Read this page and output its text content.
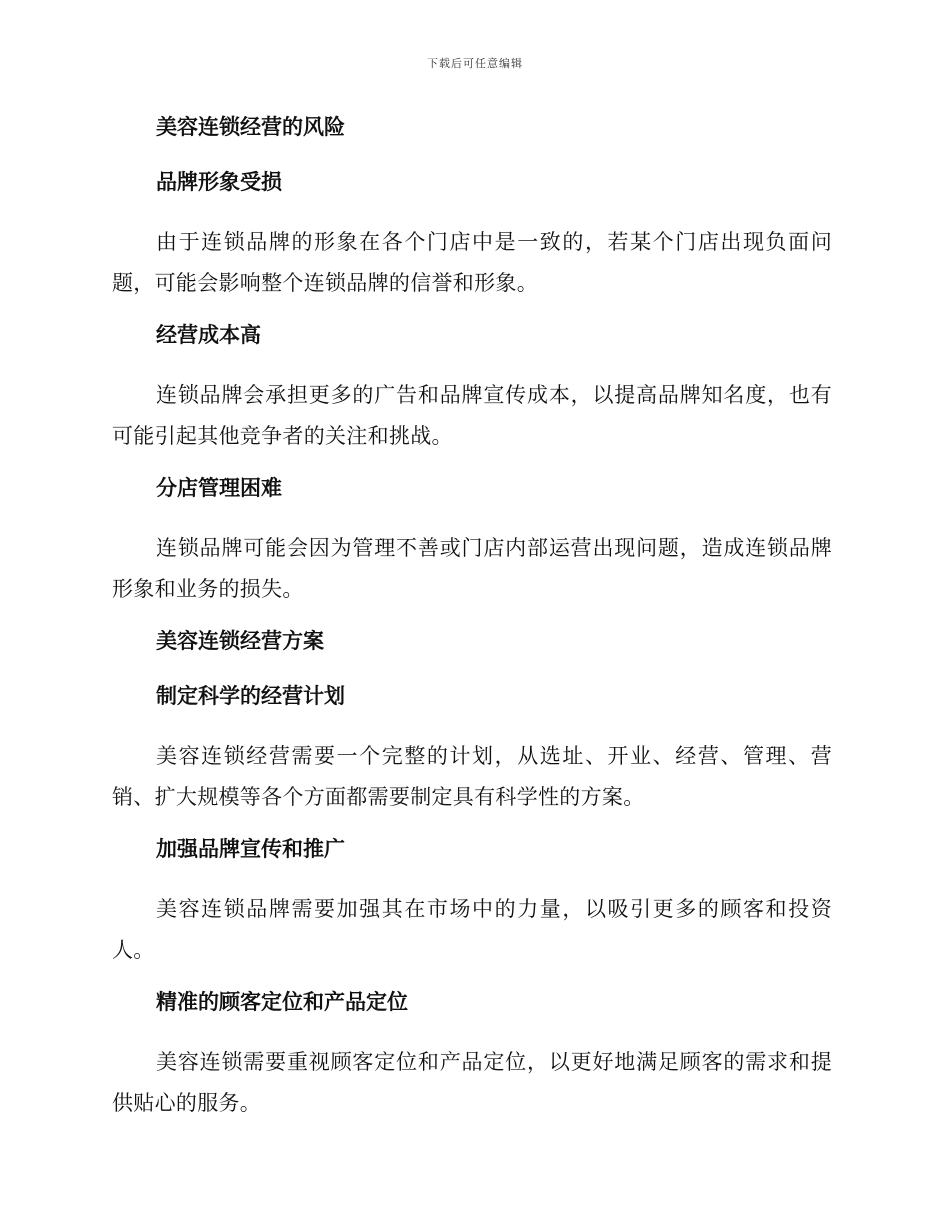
下载后可任意编辑
美容连锁经营的风险
品牌形象受损
由于连锁品牌的形象在各个门店中是一致的，若某个门店出现负面问题，可能会影响整个连锁品牌的信誉和形象。
经营成本高
连锁品牌会承担更多的广告和品牌宣传成本，以提高品牌知名度，也有可能引起其他竞争者的关注和挑战。
分店管理困难
连锁品牌可能会因为管理不善或门店内部运营出现问题，造成连锁品牌形象和业务的损失。
美容连锁经营方案
制定科学的经营计划
美容连锁经营需要一个完整的计划，从选址、开业、经营、管理、营销、扩大规模等各个方面都需要制定具有科学性的方案。
加强品牌宣传和推广
美容连锁品牌需要加强其在市场中的力量，以吸引更多的顾客和投资人。
精准的顾客定位和产品定位
美容连锁需要重视顾客定位和产品定位，以更好地满足顾客的需求和提供贴心的服务。
